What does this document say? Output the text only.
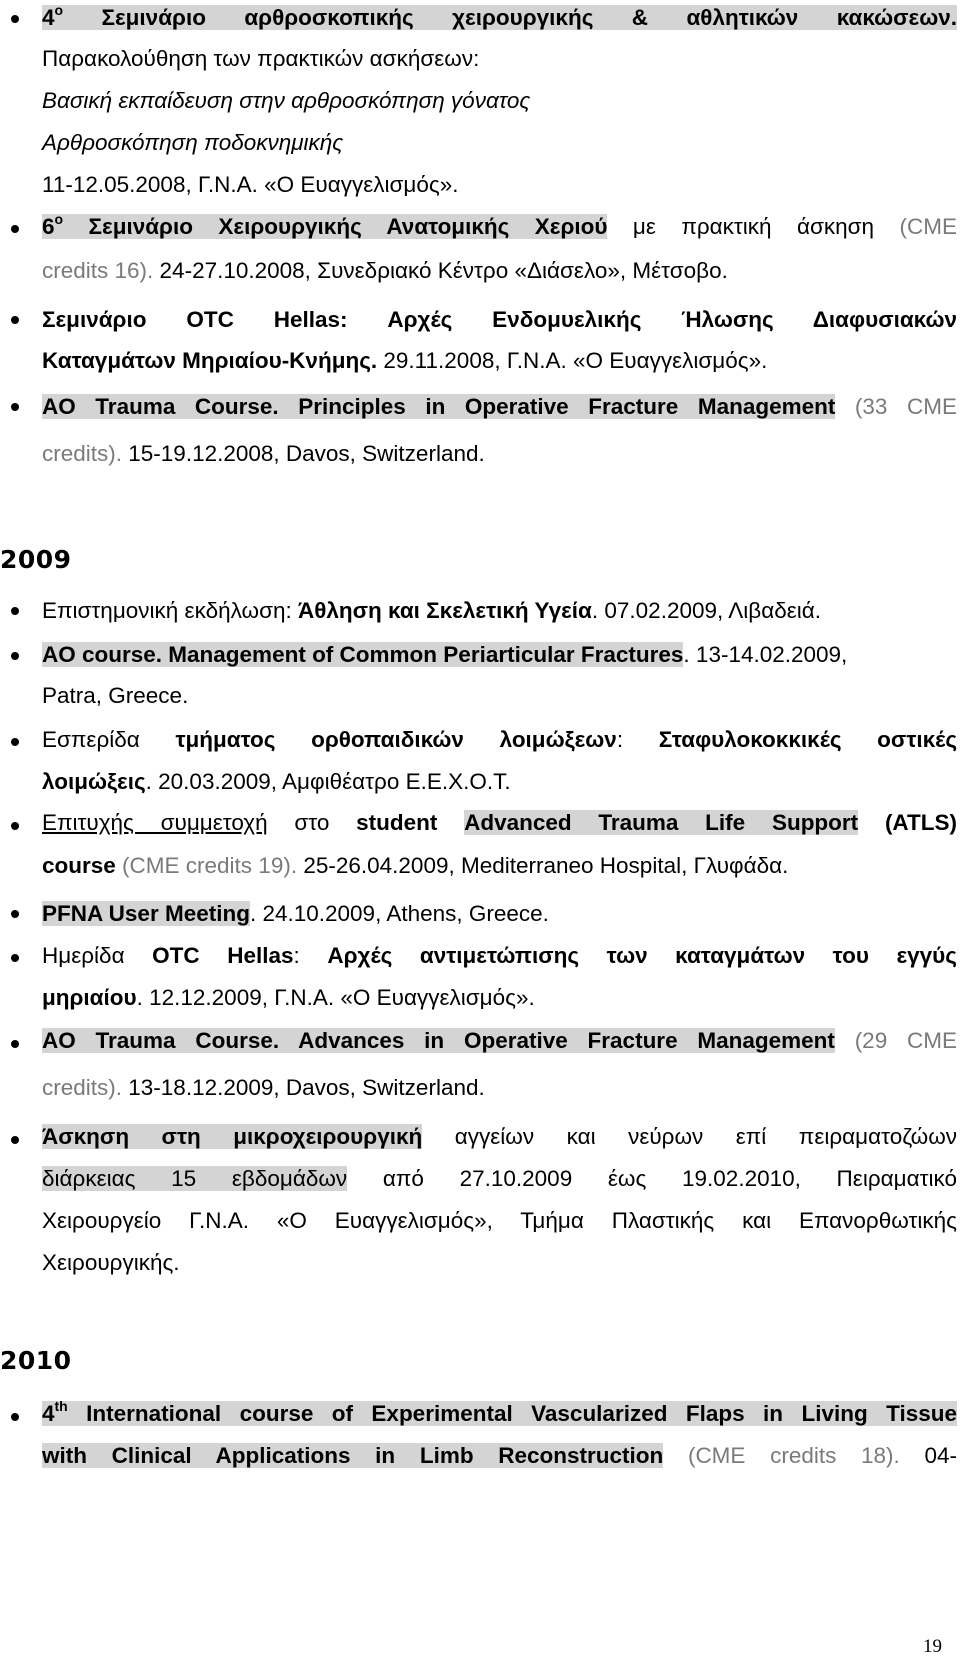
$4^o$ Σεμινάριο αρθροσκοπικής χειρουργικής & αθλητικών κακώσεων.
Παρακολούθηση των πρακτικών ασκήσεων:
Βασική εκπαίδευση στην αρθροσκόπηση γόνατος
Αρθροσκόπηση ποδοκνημικής
11-12.05.2008, Γ.Ν.Α. «Ο Ευαγγελισμός».
$6^o$ Σεμινάριο Χειρουργικής Ανατομικής Χεριού με πρακτική άσκηση (CME
credits 16). 24-27.10.2008, Συνεδριακό Κέντρο «Διάσελο», Μέτσοβο.
Σεμινάριο OTC Hellas: Αρχές Ενδομυελικής Ήλωσης Διαφυσιακών
Καταγμάτων Μηριαίου-Κνήμης. 29.11.2008, Γ.Ν.Α. «Ο Ευαγγελισμός».
AO Trauma Course. Principles in Operative Fracture Management (33 CME
credits). 15-19.12.2008, Davos, Switzerland.
2009
Επιστημονική εκδήλωση: Άθληση και Σκελετική Υγεία. 07.02.2009, Λιβαδειά.
AO course. Management of Common Periarticular Fractures. 13-14.02.2009,
Patra, Greece.
Εσπερίδα τμήματος ορθοπαιδικών λοιμώξεων: Σταφυλοκοκκικές οστικές
λοιμώξεις. 20.03.2009, Αμφιθέατρο Ε.Ε.Χ.Ο.Τ.
Επιτυχής συμμετοχή στο student Advanced Trauma Life Support (ATLS)
course (CME credits 19). 25-26.04.2009, Mediterraneo Hospital, Γλυφάδα.
PFNA User Meeting. 24.10.2009, Athens, Greece.
Ημερίδα OTC Hellas: Αρχές αντιμετώπισης των καταγμάτων του εγγύς
μηριαίου. 12.12.2009, Γ.Ν.Α. «Ο Ευαγγελισμός».
AO Trauma Course. Advances in Operative Fracture Management (29 CME
credits). 13-18.12.2009, Davos, Switzerland.
Άσκηση στη μικροχειρουργική αγγείων και νεύρων επί πειραματοζώων
διάρκειας 15 εβδομάδων από 27.10.2009 έως 19.02.2010, Πειραματικό
Χειρουργείο Γ.Ν.Α. «Ο Ευαγγελισμός», Τμήμα Πλαστικής και Επανορθωτικής
Χειρουργικής.
2010
4th International course of Experimental Vascularized Flaps in Living Tissue
with Clinical Applications in Limb Reconstruction (CME credits 18). 04-
19
